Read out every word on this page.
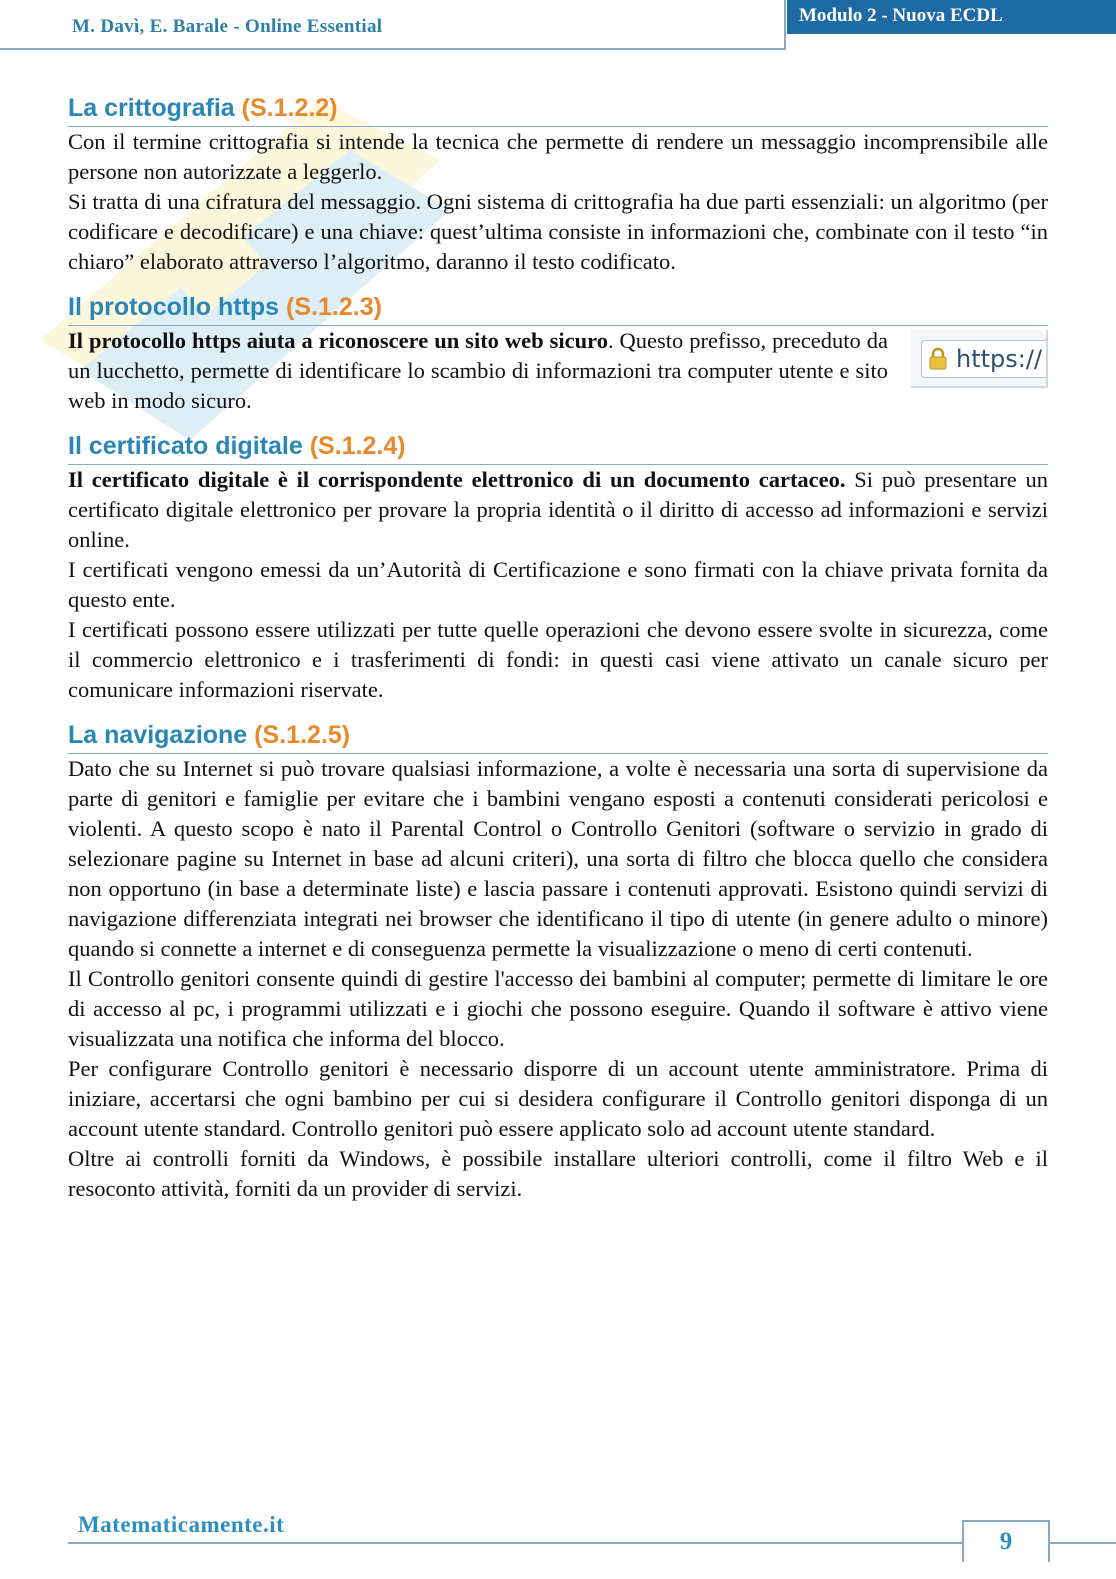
M. Davì, E. Barale - Online Essential
Modulo 2 - Nuova ECDL
La crittografia (S.1.2.2)

Con il termine crittografia si intende la tecnica che permette di rendere un messaggio incomprensibile alle persone non autorizzate a leggerlo.

Si tratta di una cifratura del messaggio. Ogni sistema di crittografia ha due parti essenziali: un algoritmo (per codificare e decodificare) e una chiave: quest’ultima consiste in informazioni che, combinate con il testo “in chiaro” elaborato attraverso l’algoritmo, daranno il testo codificato.

Il protocollo https (S.1.2.3)

Il protocollo https aiuta a riconoscere un sito web sicuro. Questo prefisso, preceduto da un lucchetto, permette di identificare lo scambio di informazioni tra computer utente e sito web in modo sicuro.

https://
Il certificato digitale (S.1.2.4)

Il certificato digitale è il corrispondente elettronico di un documento cartaceo. Si può presentare un certificato digitale elettronico per provare la propria identità o il diritto di accesso ad informazioni e servizi online.

I certificati vengono emessi da un’Autorità di Certificazione e sono firmati con la chiave privata fornita da questo ente.

I certificati possono essere utilizzati per tutte quelle operazioni che devono essere svolte in sicurezza, come il commercio elettronico e i trasferimenti di fondi: in questi casi viene attivato un canale sicuro per comunicare informazioni riservate.

La navigazione (S.1.2.5)

Dato che su Internet si può trovare qualsiasi informazione, a volte è necessaria una sorta di supervisione da parte di genitori e famiglie per evitare che i bambini vengano esposti a contenuti considerati pericolosi e violenti. A questo scopo è nato il Parental Control o Controllo Genitori (software o servizio in grado di selezionare pagine su Internet in base ad alcuni criteri), una sorta di filtro che blocca quello che considera non opportuno (in base a determinate liste) e lascia passare i contenuti approvati. Esistono quindi servizi di navigazione differenziata integrati nei browser che identificano il tipo di utente (in genere adulto o minore) quando si connette a internet e di conseguenza permette la visualizzazione o meno di certi contenuti.

Il Controllo genitori consente quindi di gestire l'accesso dei bambini al computer; permette di limitare le ore di accesso al pc, i programmi utilizzati e i giochi che possono eseguire. Quando il software è attivo viene visualizzata una notifica che informa del blocco.

Per configurare Controllo genitori è necessario disporre di un account utente amministratore. Prima di iniziare, accertarsi che ogni bambino per cui si desidera configurare il Controllo genitori disponga di un account utente standard. Controllo genitori può essere applicato solo ad account utente standard.

Oltre ai controlli forniti da Windows, è possibile installare ulteriori controlli, come il filtro Web e il resoconto attività, forniti da un provider di servizi.

Matematicamente.it
9
